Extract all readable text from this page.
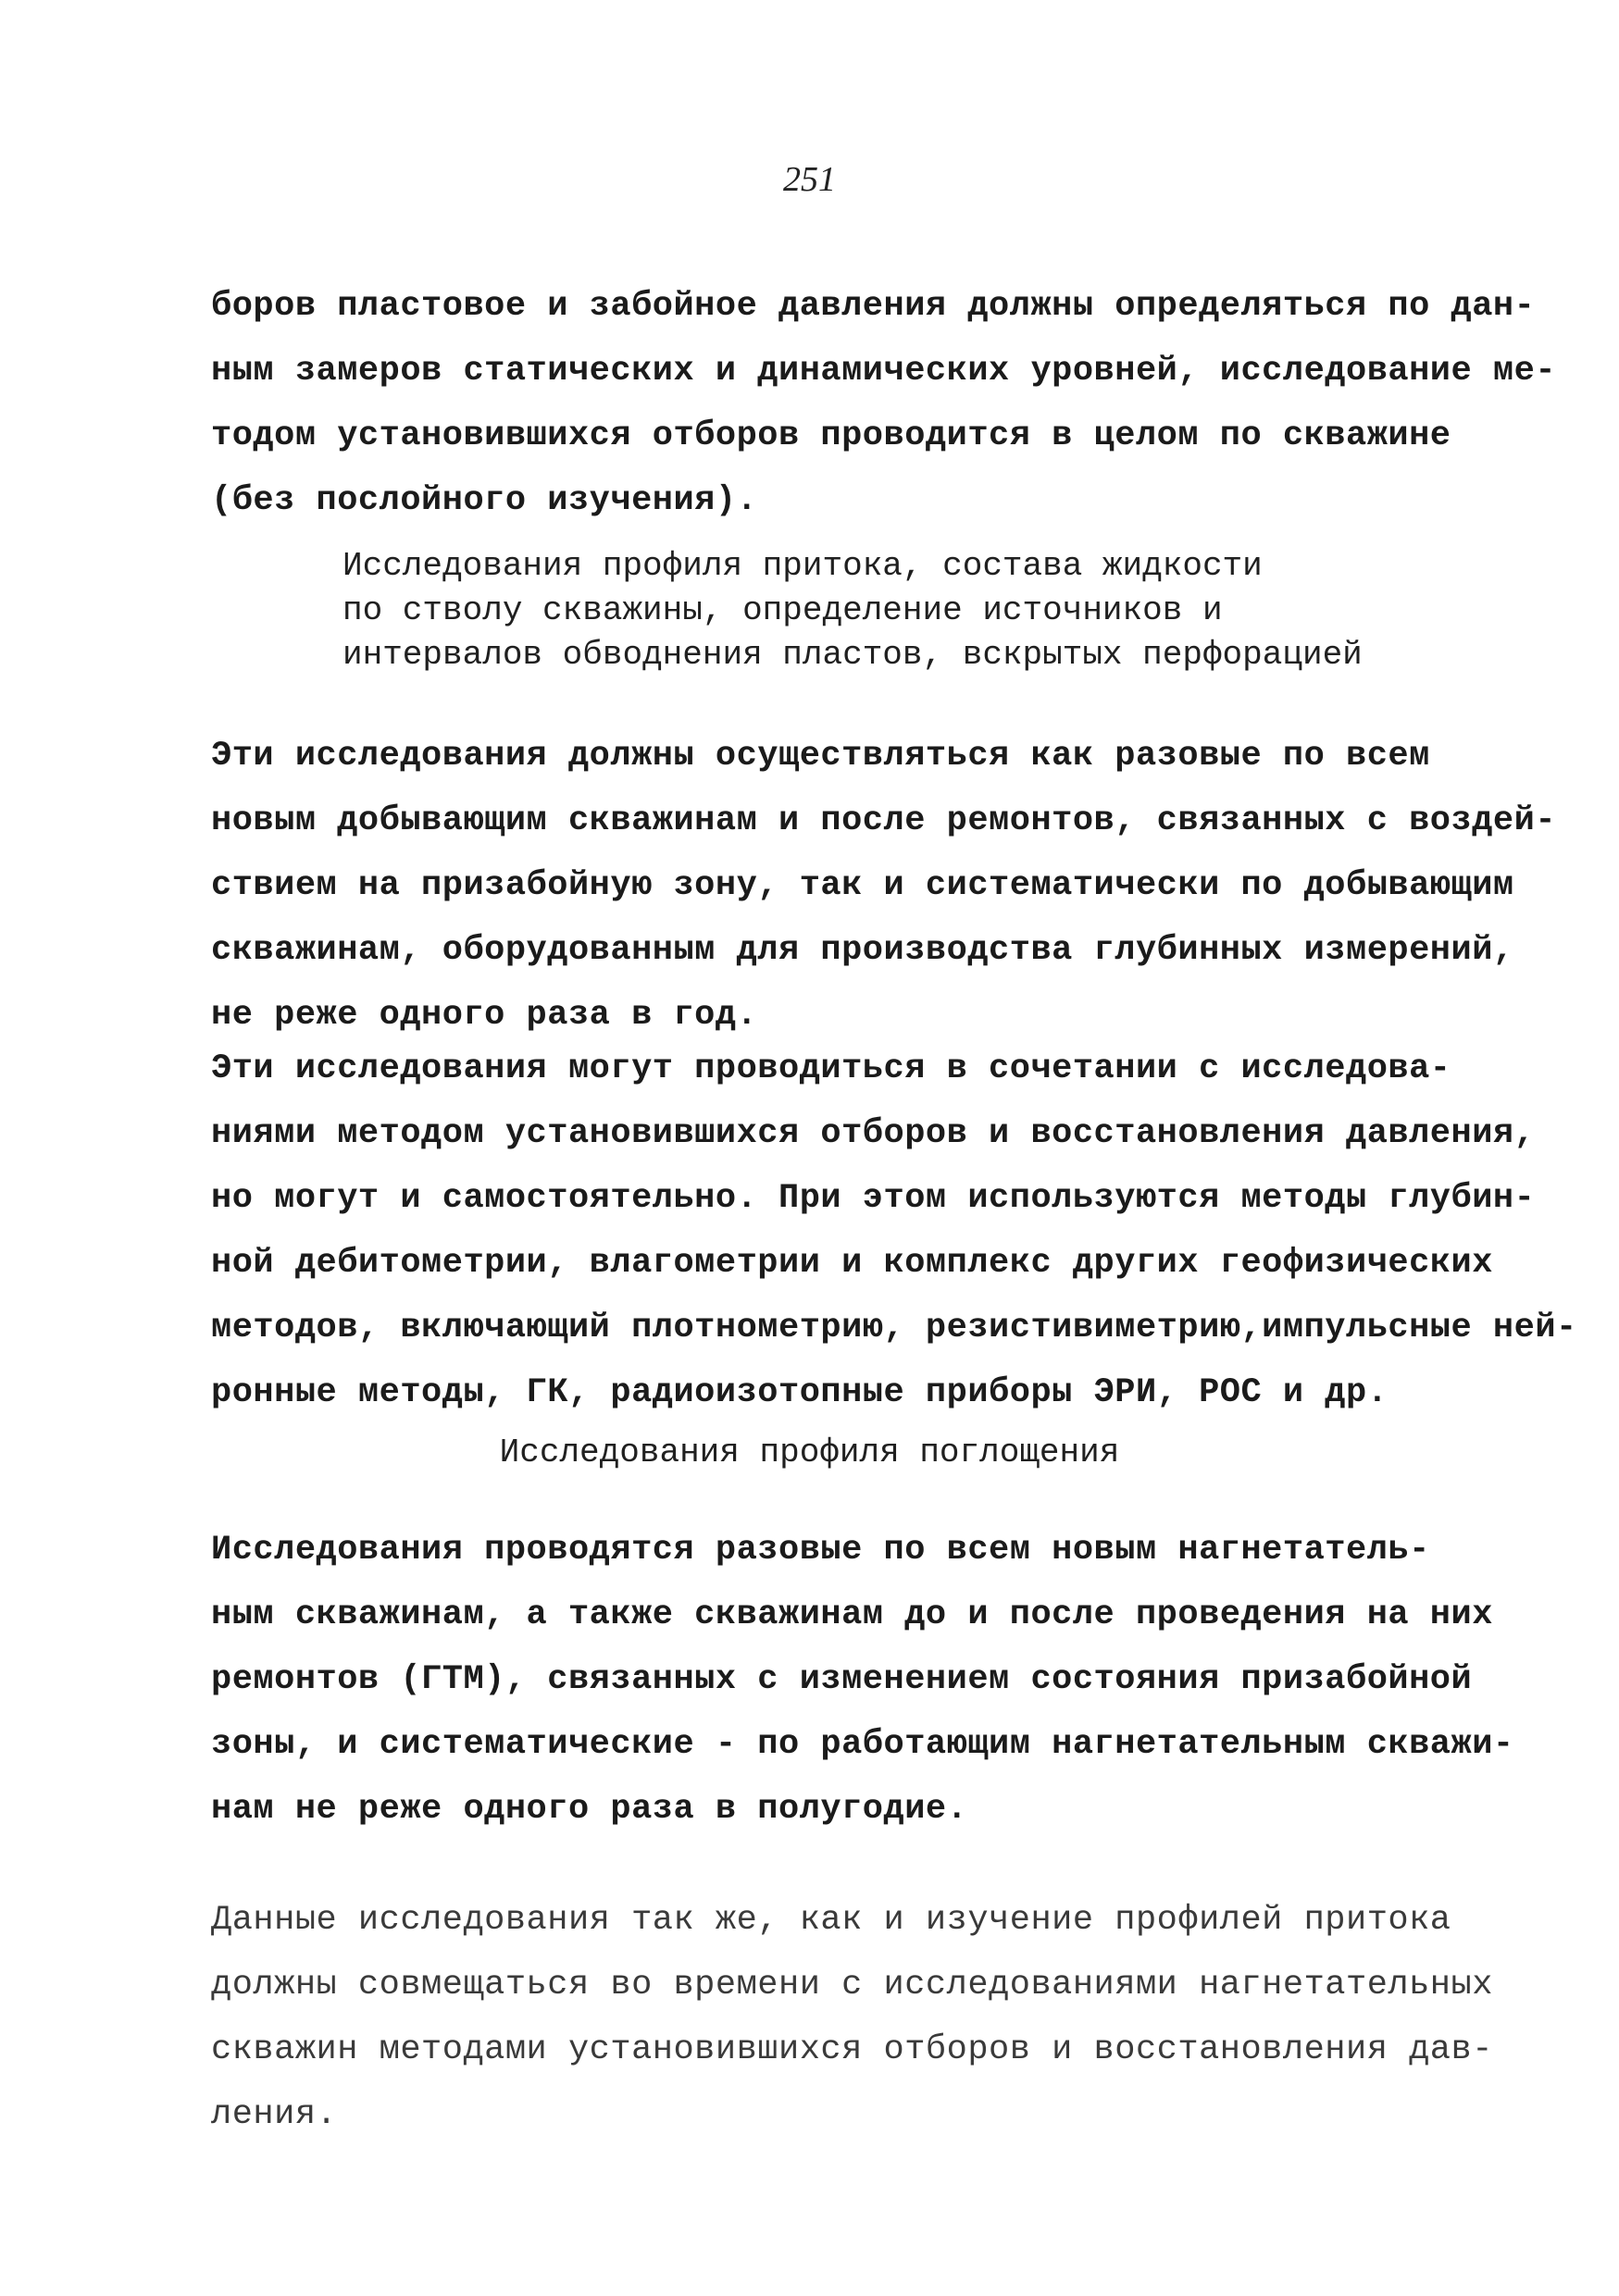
251
боров пластовое и забойное давления должны определяться по дан-
ным замеров статических и динамических уровней, исследование ме-
тодом установившихся отборов проводится в целом по скважине
(без послойного изучения).
Исследования профиля притока, состава жидкости
по стволу скважины, определение источников и
интервалов обводнения пластов, вскрытых перфорацией
Эти исследования должны осуществляться как разовые по всем
новым добывающим скважинам и после ремонтов, связанных с воздей-
ствием на призабойную зону, так и систематически по добывающим
скважинам, оборудованным для производства глубинных измерений,
не реже одного раза в год.
Эти исследования могут проводиться в сочетании с исследова-
ниями методом установившихся отборов и восстановления давления,
но могут и самостоятельно. При этом используются методы глубин-
ной дебитометрии, влагометрии и комплекс других геофизических
методов, включающий плотнометрию, резистивиметрию,импульсные ней-
ронные методы, ГК, радиоизотопные приборы ЭРИ, РОС и др.
Исследования профиля поглощения
Исследования проводятся разовые по всем новым нагнетатель-
ным скважинам, а также скважинам до и после проведения на них
ремонтов (ГТМ), связанных с изменением состояния призабойной
зоны, и систематические - по работающим нагнетательным скважи-
нам не реже одного раза в полугодие.
Данные исследования так же, как и изучение профилей притока
должны совмещаться во времени с исследованиями нагнетательных
скважин методами установившихся отборов и восстановления дав-
ления.
